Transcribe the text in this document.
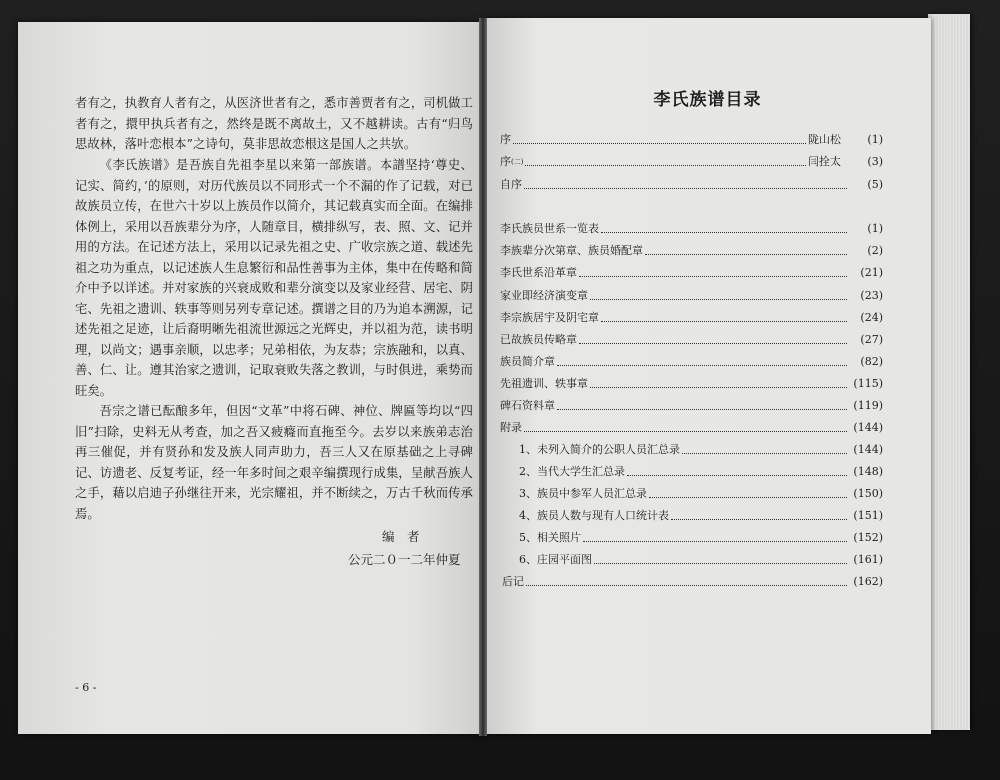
者有之，执教育人者有之，从医济世者有之，悉市善贾者有之，司机做工者有之，擐甲执兵者有之，然终是既不离故土，又不越耕读。古有“归鸟思故林，落叶恋根本”之诗句，莫非思故恋根这是国人之共欤。
《李氏族谱》是吾族自先祖李星以来第一部族谱。本譜坚持‘尊史、记实、简约，’的原则，对历代族员以不同形式一个不漏的作了记载，对已故族员立传，在世六十岁以上族员作以简介，其记载真实而全面。在编排体例上，采用以吾族辈分为序，人随章目，横排纵写，表、照、文、记并用的方法。在记述方法上，采用以记录先祖之史、广收宗族之道、载述先祖之功为重点，以记述族人生息繁衍和品性善事为主体，集中在传略和简介中予以详述。并对家族的兴衰成败和辈分演变以及家业经营、居宅、阴宅、先祖之遗训、轶事等则另列专章记述。撰谱之目的乃为追本溯源，记述先祖之足迹，让后裔明晰先祖流世源远之光辉史，并以祖为范，读书明理，以尚文；遇事亲顺，以忠孝；兄弟相依，为友恭；宗族融和，以真、善、仁、让。遵其治家之遗训，记取衰败失落之教训，与时俱进，乘势而旺矣。
吾宗之谱已酝酿多年，但因“文革”中将石碑、神位、牌匾等均以“四旧”扫除，史料无从考查，加之吾又疲癃而直拖至今。去岁以来族弟志治再三催促，并有贤孙和发及族人同声助力，吾三人又在原基础之上寻碑记、访遗老、反复考证，经一年多时间之艰辛编撰现行成集，呈献吾族人之手，藉以启迪子孙继往开来，光宗耀祖，并不断续之，万古千秋而传承焉。
编　者
公元二０一二年仲夏
- 6 -
李氏族谱目录
序	陇山松	(1)
序 (二)	闫拴太	(3)
自序	(5)
李氏族员世系一览表	(1)
李族辈分次第章、族员婚配章	(2)
李氏世系沿革章	(21)
家业即经济演变章	(23)
李宗族居宇及阴宅章	(24)
已故族员传略章	(27)
族员简介章	(82)
先祖遗训、轶事章	(115)
碑石资料章	(119)
附录	(144)
1、未列入简介的公职人员汇总录	(144)
2、当代大学生汇总录	(148)
3、族员中参军人员汇总录	(150)
4、族员人数与现有人口统计表	(151)
5、相关照片	(152)
6、庄园平面图	(161)
后记	(162)
